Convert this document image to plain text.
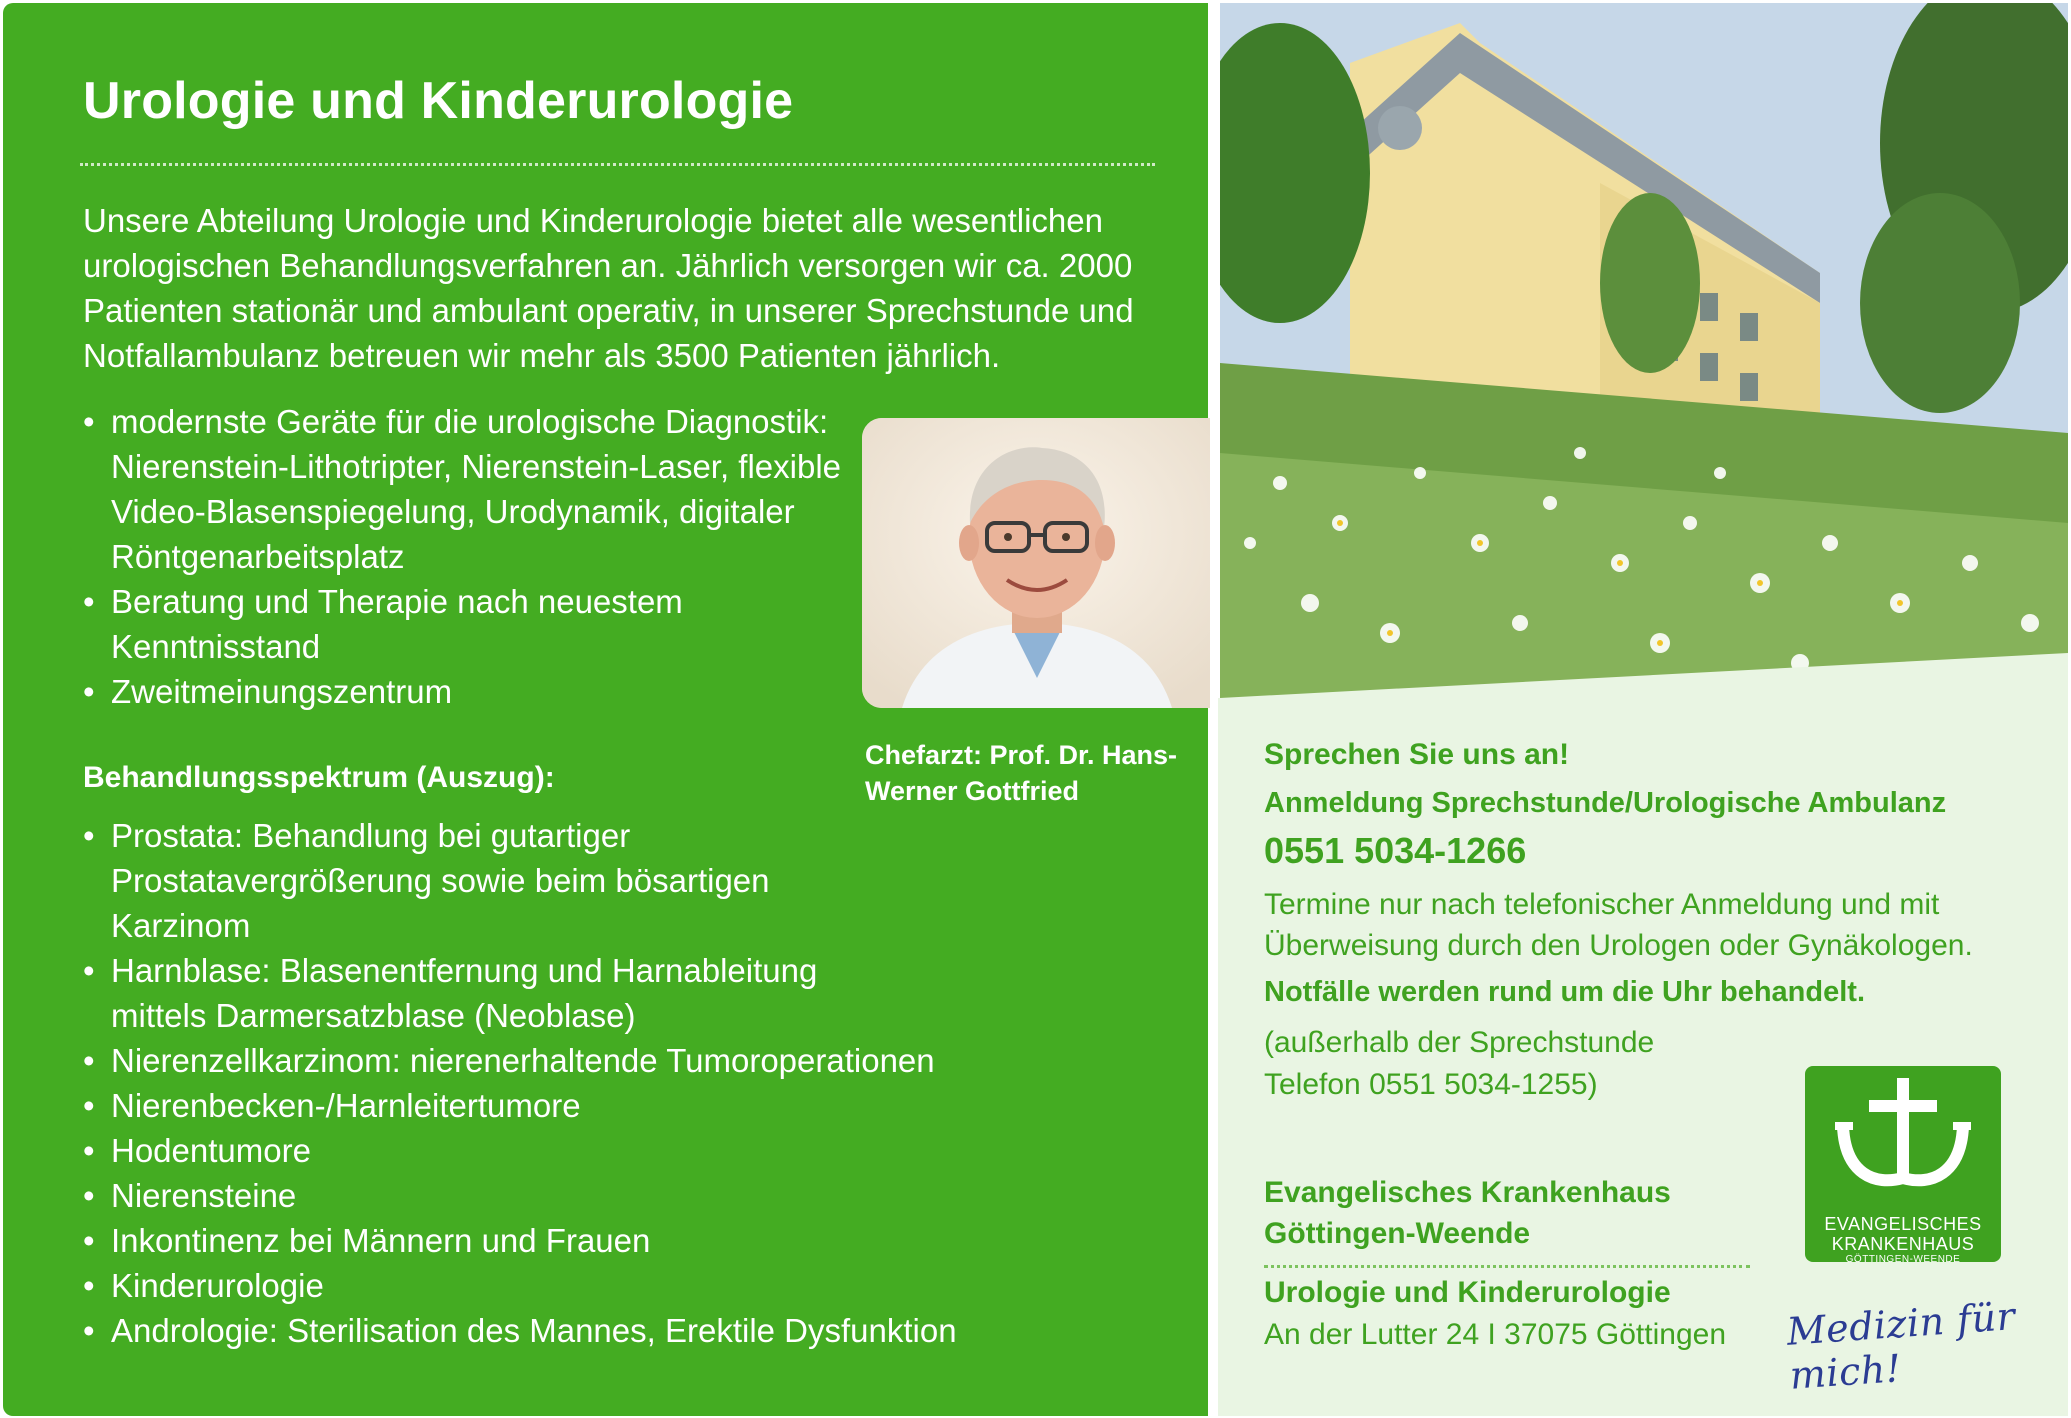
Urologie und Kinderurologie
Unsere Abteilung Urologie und Kinderurologie bietet alle wesentlichen urologischen Behandlungsverfahren an. Jährlich versorgen wir ca. 2000 Patienten stationär und ambulant operativ, in unserer Sprechstunde und Notfallambulanz betreuen wir mehr als 3500 Patienten jährlich.
• modernste Geräte für die urologische Diagnostik: Nierenstein-Lithotripter, Nierenstein-Laser, flexible Video-Blasenspiegelung, Urodynamik, digitaler Röntgenarbeitsplatz
• Beratung und Therapie nach neuestem Kenntnisstand
• Zweitmeinungszentrum
Behandlungsspektrum (Auszug):
• Prostata: Behandlung bei gutartiger Prostatavergrößerung sowie beim bösartigen Karzinom
• Harnblase: Blasenentfernung und Harnableitung mittels Darmersatzblase (Neoblase)
• Nierenzellkarzinom: nierenerhaltende Tumoroperationen
• Nierenbecken-/Harnleitertumore
• Hodentumore
• Nierensteine
• Inkontinenz bei Männern und Frauen
• Kinderurologie
• Andrologie: Sterilisation des Mannes, Erektile Dysfunktion
Chefarzt: Prof. Dr. Hans-Werner Gottfried
Sprechen Sie uns an!
Anmeldung Sprechstunde/Urologische Ambulanz
0551 5034-1266
Termine nur nach telefonischer Anmeldung und mit Überweisung durch den Urologen oder Gynäkologen.
Notfälle werden rund um die Uhr behandelt.
(außerhalb der Sprechstunde
Telefon 0551 5034-1255)
Evangelisches Krankenhaus
Göttingen-Weende
Urologie und Kinderurologie
An der Lutter 24 I 37075 Göttingen
EVANGELISCHES
KRANKENHAUS
GÖTTINGEN-WEENDE
Medizin für mich!
